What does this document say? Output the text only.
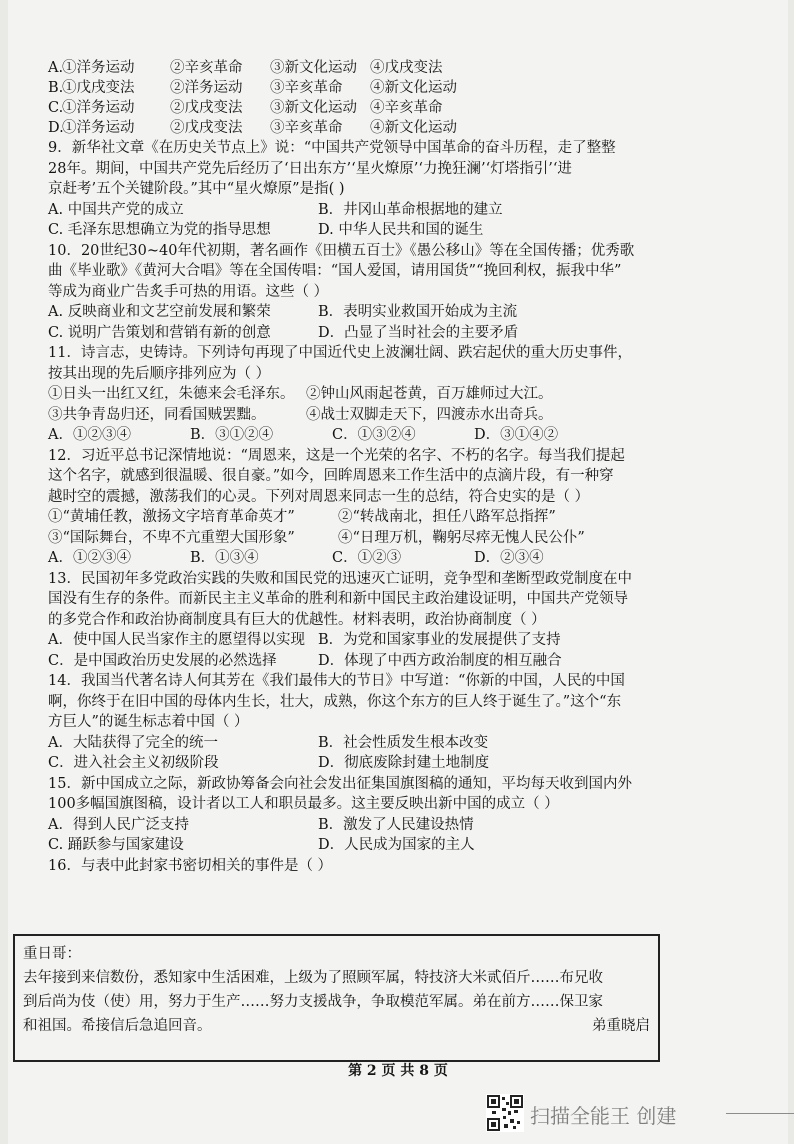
A.①洋务运动	②辛亥革命	③新文化运动 ④戊戌变法
B.①戊戌变法	②洋务运动	③辛亥革命	④新文化运动
C.①洋务运动	②戊戌变法	③新文化运动 ④辛亥革命
D.①洋务运动	②戊戌变法	③辛亥革命	④新文化运动
9．新华社文章《在历史关节点上》说：“中国共产党领导中国革命的奋斗历程，走了整整
28年。期间，中国共产党先后经历了‘日出东方’‘星火燎原’‘力挽狂澜’‘灯塔指引’‘进
京赶考’五个关键阶段。”其中“星火燎原”是指( )
A. 中国共产党的成立	B．井冈山革命根据地的建立
C. 毛泽东思想确立为党的指导思想	D. 中华人民共和国的诞生
10．20世纪30~40年代初期，著名画作《田横五百士》《愚公移山》等在全国传播；优秀歌
曲《毕业歌》《黄河大合唱》等在全国传唱：“国人爱国，请用国货”“挽回利权，振我中华”
等成为商业广告炙手可热的用语。这些（ ）
A. 反映商业和文艺空前发展和繁荣	B．表明实业救国开始成为主流
C. 说明广告策划和营销有新的创意	D．凸显了当时社会的主要矛盾
11．诗言志，史铸诗。下列诗句再现了中国近代史上波澜壮阔、跌宕起伏的重大历史事件，
按其出现的先后顺序排列应为（ ）
①日头一出红又红，朱德来会毛泽东。 ②钟山风雨起苍黄，百万雄师过大江。
③共争青岛归还，同看国贼罢黜。	④战士双脚走天下，四渡赤水出奇兵。
A．①②③④	B．③①②④	C．①③②④	D．③①④②
12．习近平总书记深情地说：“周恩来，这是一个光荣的名字、不朽的名字。每当我们提起
这个名字，就感到很温暖、很自豪。”如今，回眸周恩来工作生活中的点滴片段，有一种穿
越时空的震撼，激荡我们的心灵。下列对周恩来同志一生的总结，符合史实的是（ ）
①“黄埔任教，激扬文字培育革命英才”	②“转战南北，担任八路军总指挥”
③“国际舞台，不卑不亢重塑大国形象”	④“日理万机，鞠躬尽瘁无愧人民公仆”
A．①②③④	B．①③④	C．①②③	D．②③④
13．民国初年多党政治实践的失败和国民党的迅速灭亡证明，竞争型和垄断型政党制度在中
国没有生存的条件。而新民主主义革命的胜利和新中国民主政治建设证明，中国共产党领导
的多党合作和政治协商制度具有巨大的优越性。材料表明，政治协商制度（ ）
A．使中国人民当家作主的愿望得以实现 B．为党和国家事业的发展提供了支持
C．是中国政治历史发展的必然选择	D．体现了中西方政治制度的相互融合
14．我国当代著名诗人何其芳在《我们最伟大的节日》中写道：“你新的中国，人民的中国
啊，你终于在旧中国的母体内生长，壮大，成熟，你这个东方的巨人终于诞生了。”这个“东
方巨人”的诞生标志着中国（ ）
A．大陆获得了完全的统一	B．社会性质发生根本改变
C．进入社会主义初级阶段	D．彻底废除封建土地制度
15．新中国成立之际，新政协筹备会向社会发出征集国旗图稿的通知，平均每天收到国内外
100多幅国旗图稿，设计者以工人和职员最多。这主要反映出新中国的成立（ ）
A．得到人民广泛支持	B．激发了人民建设热情
C. 踊跃参与国家建设	D．人民成为国家的主人
16．与表中此封家书密切相关的事件是（ ）
重日哥：
去年接到来信数份，悉知家中生活困难，上级为了照顾军属，特技济大米贰佰斤……布兄收
到后尚为伎（使）用，努力于生产……努力支援战争，争取模范军属。弟在前方……保卫家
和祖国。希接信后急追回音。	弟重晓启
第 2 页 共 8 页
扫描全能王 创建
